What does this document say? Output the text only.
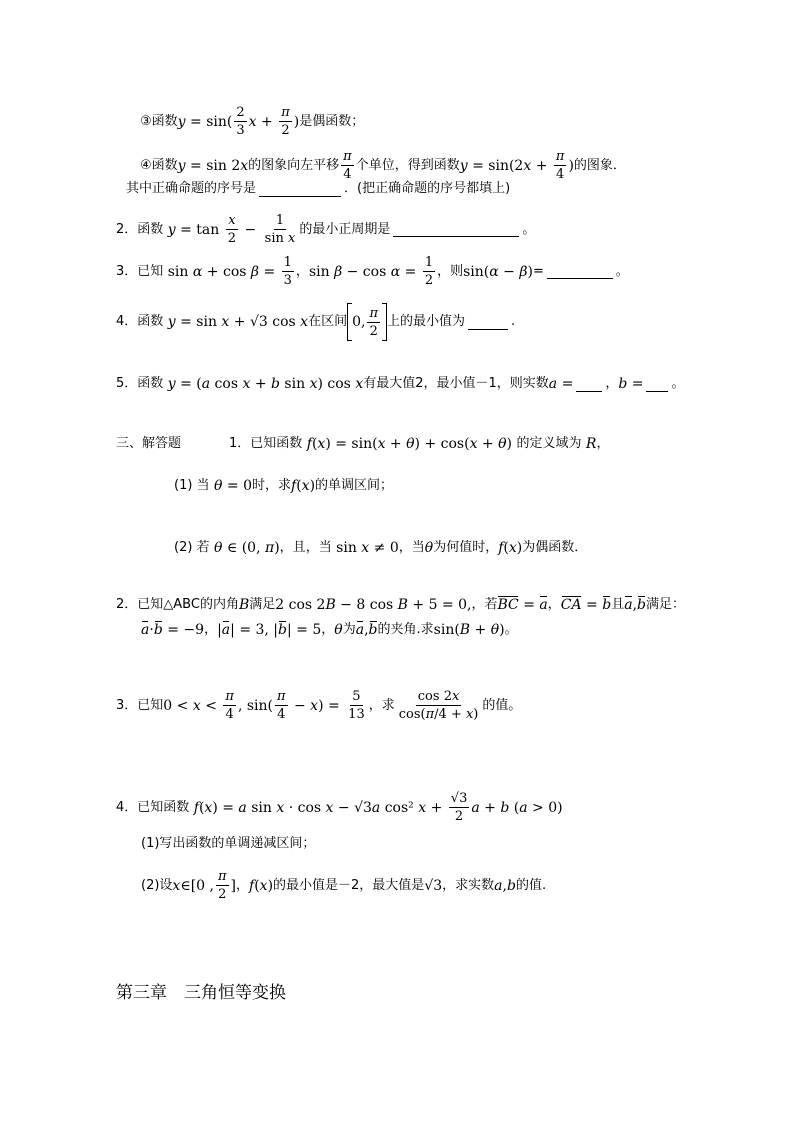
③函数 $y = \sin( \frac{2}{3}$ $x + \frac{\pi}{2}$ ) 是偶函数；
④函数 y = sin 2 x 的图象向左平移 $\frac{\pi}{4}$ 个单位，得到函数 y = sin(2 $x + \frac{\pi}{4}$ ) 的图象．
其中正确命题的序号是	．(把正确命题的序号都填上)
2． 函数 $y = \tan \frac{x}{2} - \frac{1}{\text{sin x}}$ 的最小正周期是	。
3． 已知 $\sin \alpha + \cos \beta = \frac{1}{3}$ ， $\sin \beta - \cos \alpha = \frac{1}{2}$ ，则 sin( α − β ) =	。
4． 函数 y = sin x + √3 cos x 在区间 0, $\frac{\pi}{2}$ 上的最小值为	.
5． 函数 y = ( a cos x + b sin x ) cos x 有最大值2，最小值－1，则实数 a = ， b = 。
三、解答题	1． 已知函数 f ( x ) = sin( x + θ ) + cos( x + θ ) 的定义域为 R ，
(1) 当 θ = 0 时，求 f ( x ) 的单调区间；
(2) 若 θ ∈ (0, π ) ，且 ，当 sin x ≠ 0 ，当 θ 为何值时， f ( x ) 为偶函数．
2． 已知△ABC的内角 B 满足 2 cos 2 B − 8 cos B + 5 = 0 , ，若 BC = a ， CA = b 且 a , b 满足：
a · b = −9 ， | a | = 3, | b | = 5 ， θ 为 a , b 的夹角.求 sin( B + θ ) 。
3． 已知 $0 < x < \frac{\pi}{4}$ , $\sin( \frac{\pi}{4} - x$ ) = $\frac{5}{13}$ ，求 $\frac{\cos 2x}{\cos(\pi/4 + x)}$ 的值。
4． 已知函数 f ( x ) = a sin x · cos x − √3 a cos² $x + \frac{√3}{2}$ a + b ( a > 0)
(1)写出函数的单调递减区间；
(2)设 x ∈[0 , $\frac{\pi}{2}$ ] ， f ( x ) 的最小值是－2，最大值是 √3 ，求实数 a , b 的值.
第三章　三角恒等变换
